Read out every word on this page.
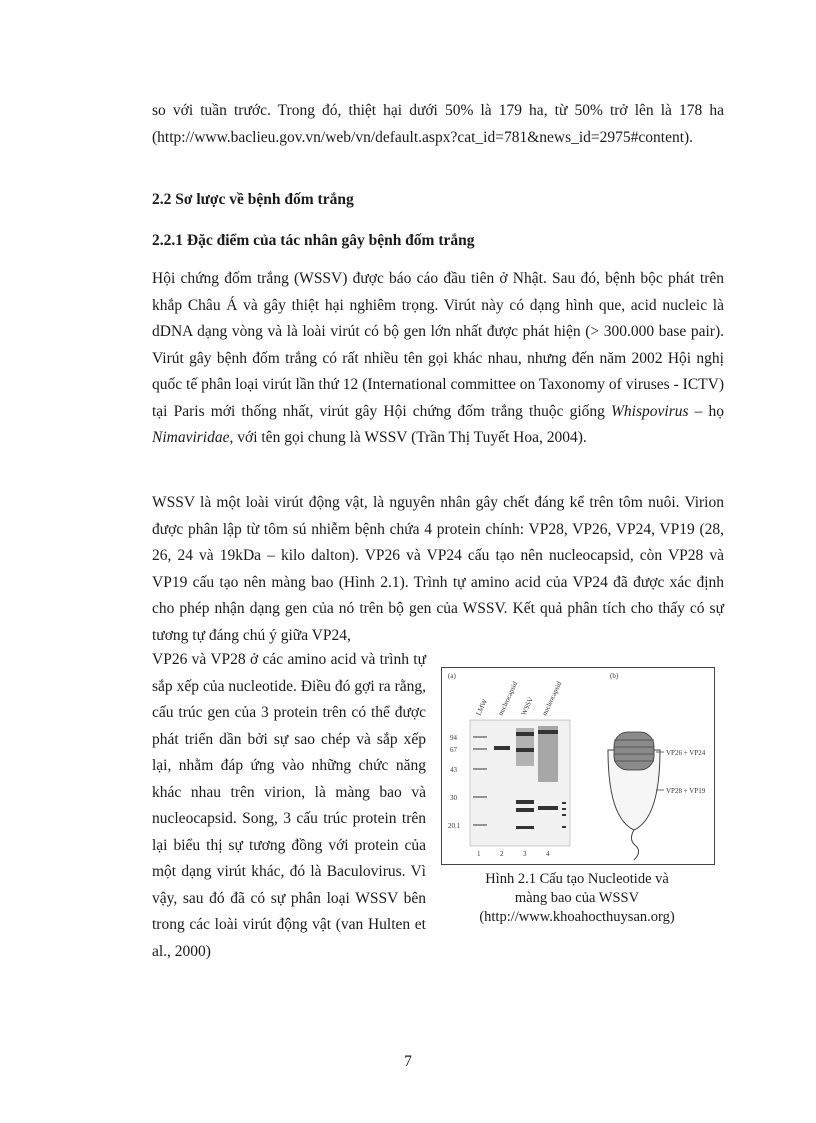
so với tuần trước. Trong đó, thiệt hại dưới 50% là 179 ha, từ 50% trở lên là 178 ha (http://www.baclieu.gov.vn/web/vn/default.aspx?cat_id=781&news_id=2975#content).

2.2 Sơ lược về bệnh đốm trắng

2.2.1 Đặc điểm của tác nhân gây bệnh đốm trắng

Hội chứng đốm trắng (WSSV) được báo cáo đầu tiên ở Nhật. Sau đó, bệnh bộc phát trên khắp Châu Á và gây thiệt hại nghiêm trọng. Virút này có dạng hình que, acid nucleic là dDNA dạng vòng và là loài virút có bộ gen lớn nhất được phát hiện (> 300.000 base pair). Virút gây bệnh đốm trắng có rất nhiều tên gọi khác nhau, nhưng đến năm 2002 Hội nghị quốc tế phân loại virút lần thứ 12 (International committee on Taxonomy of viruses - ICTV) tại Paris mới thống nhất, virút gây Hội chứng đốm trắng thuộc giống Whispovirus – họ Nimaviridae, với tên gọi chung là WSSV (Trần Thị Tuyết Hoa, 2004).

WSSV là một loài virút động vật, là nguyên nhân gây chết đáng kể trên tôm nuôi. Virion được phân lập từ tôm sú nhiễm bệnh chứa 4 protein chính: VP28, VP26, VP24, VP19 (28, 26, 24 và 19kDa – kilo dalton). VP26 và VP24 cấu tạo nên nucleocapsid, còn VP28 và VP19 cấu tạo nên màng bao (Hình 2.1). Trình tự amino acid của VP24 đã được xác định cho phép nhận dạng gen của nó trên bộ gen của WSSV. Kết quả phân tích cho thấy có sự tương tự đáng chú ý giữa VP24,

VP26 và VP28 ở các amino acid và trình tự sắp xếp của nucleotide. Điều đó gợi ra rằng, cấu trúc gen của 3 protein trên có thể được phát triển dần bởi sự sao chép và sắp xếp lại, nhằm đáp ứng vào những chức năng khác nhau trên virion, là màng bao và nucleocapsid. Song, 3 cấu trúc protein trên lại biểu thị sự tương đồng với protein của một dạng virút khác, đó là Baculovirus. Vì vậy, sau đó đã có sự phân loại WSSV bên trong các loài virút động vật (van Hulten et al., 2000)

(a)	(b)
LMW nucleocapsid WSSV nucleocapsid
94
67
43
30
20.1
1	2	3	4
VP26 + VP24
VP28 + VP19
Hình 2.1 Cấu tạo Nucleotide và
màng bao của WSSV
(http://www.khoahocthuysan.org)
7
